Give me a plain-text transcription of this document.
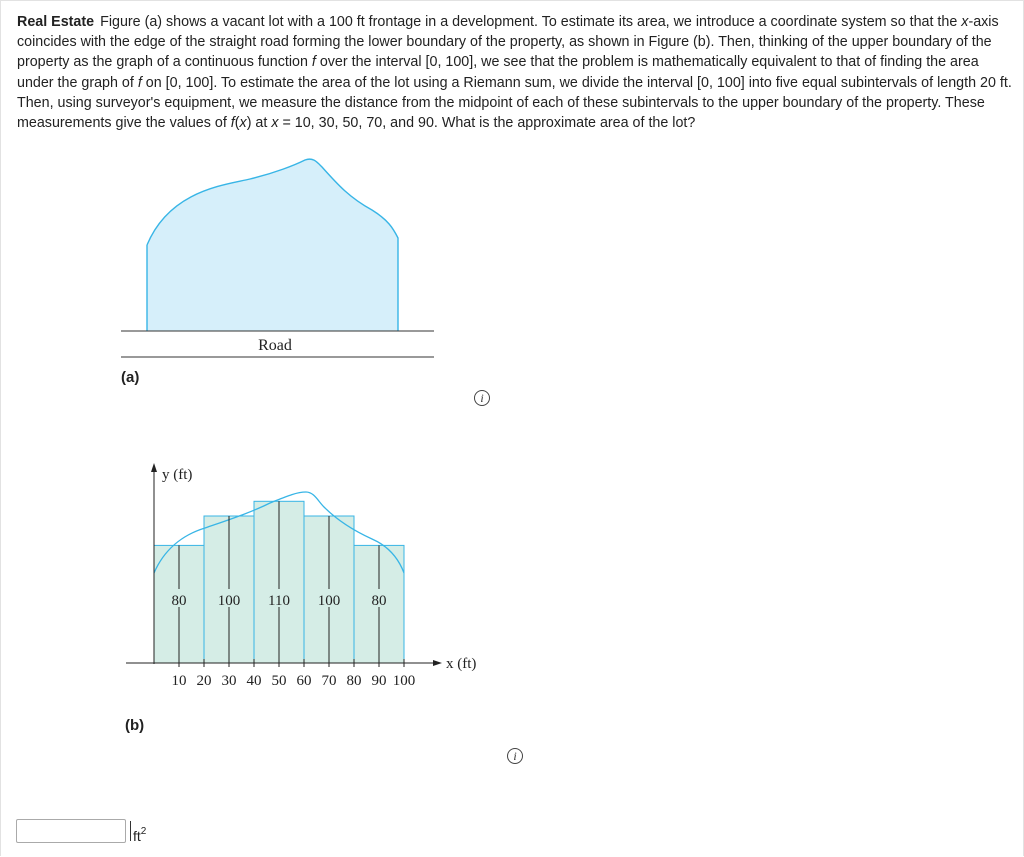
Real Estate Figure (a) shows a vacant lot with a 100 ft frontage in a development. To estimate its area, we introduce a coordinate system so that the x-axis coincides with the edge of the straight road forming the lower boundary of the property, as shown in Figure (b). Then, thinking of the upper boundary of the property as the graph of a continuous function f over the interval [0, 100], we see that the problem is mathematically equivalent to that of finding the area under the graph of f on [0, 100]. To estimate the area of the lot using a Riemann sum, we divide the interval [0, 100] into five equal subintervals of length 20 ft. Then, using surveyor's equipment, we measure the distance from the midpoint of each of these subintervals to the upper boundary of the property. These measurements give the values of f(x) at x = 10, 30, 50, 70, and 90. What is the approximate area of the lot?

Road
(a)
i
y (ft)
x (ft)
10 20 30 40 50 60 70 80 90 100
80 100 110 100 80
(b)
i
$ft^2$
